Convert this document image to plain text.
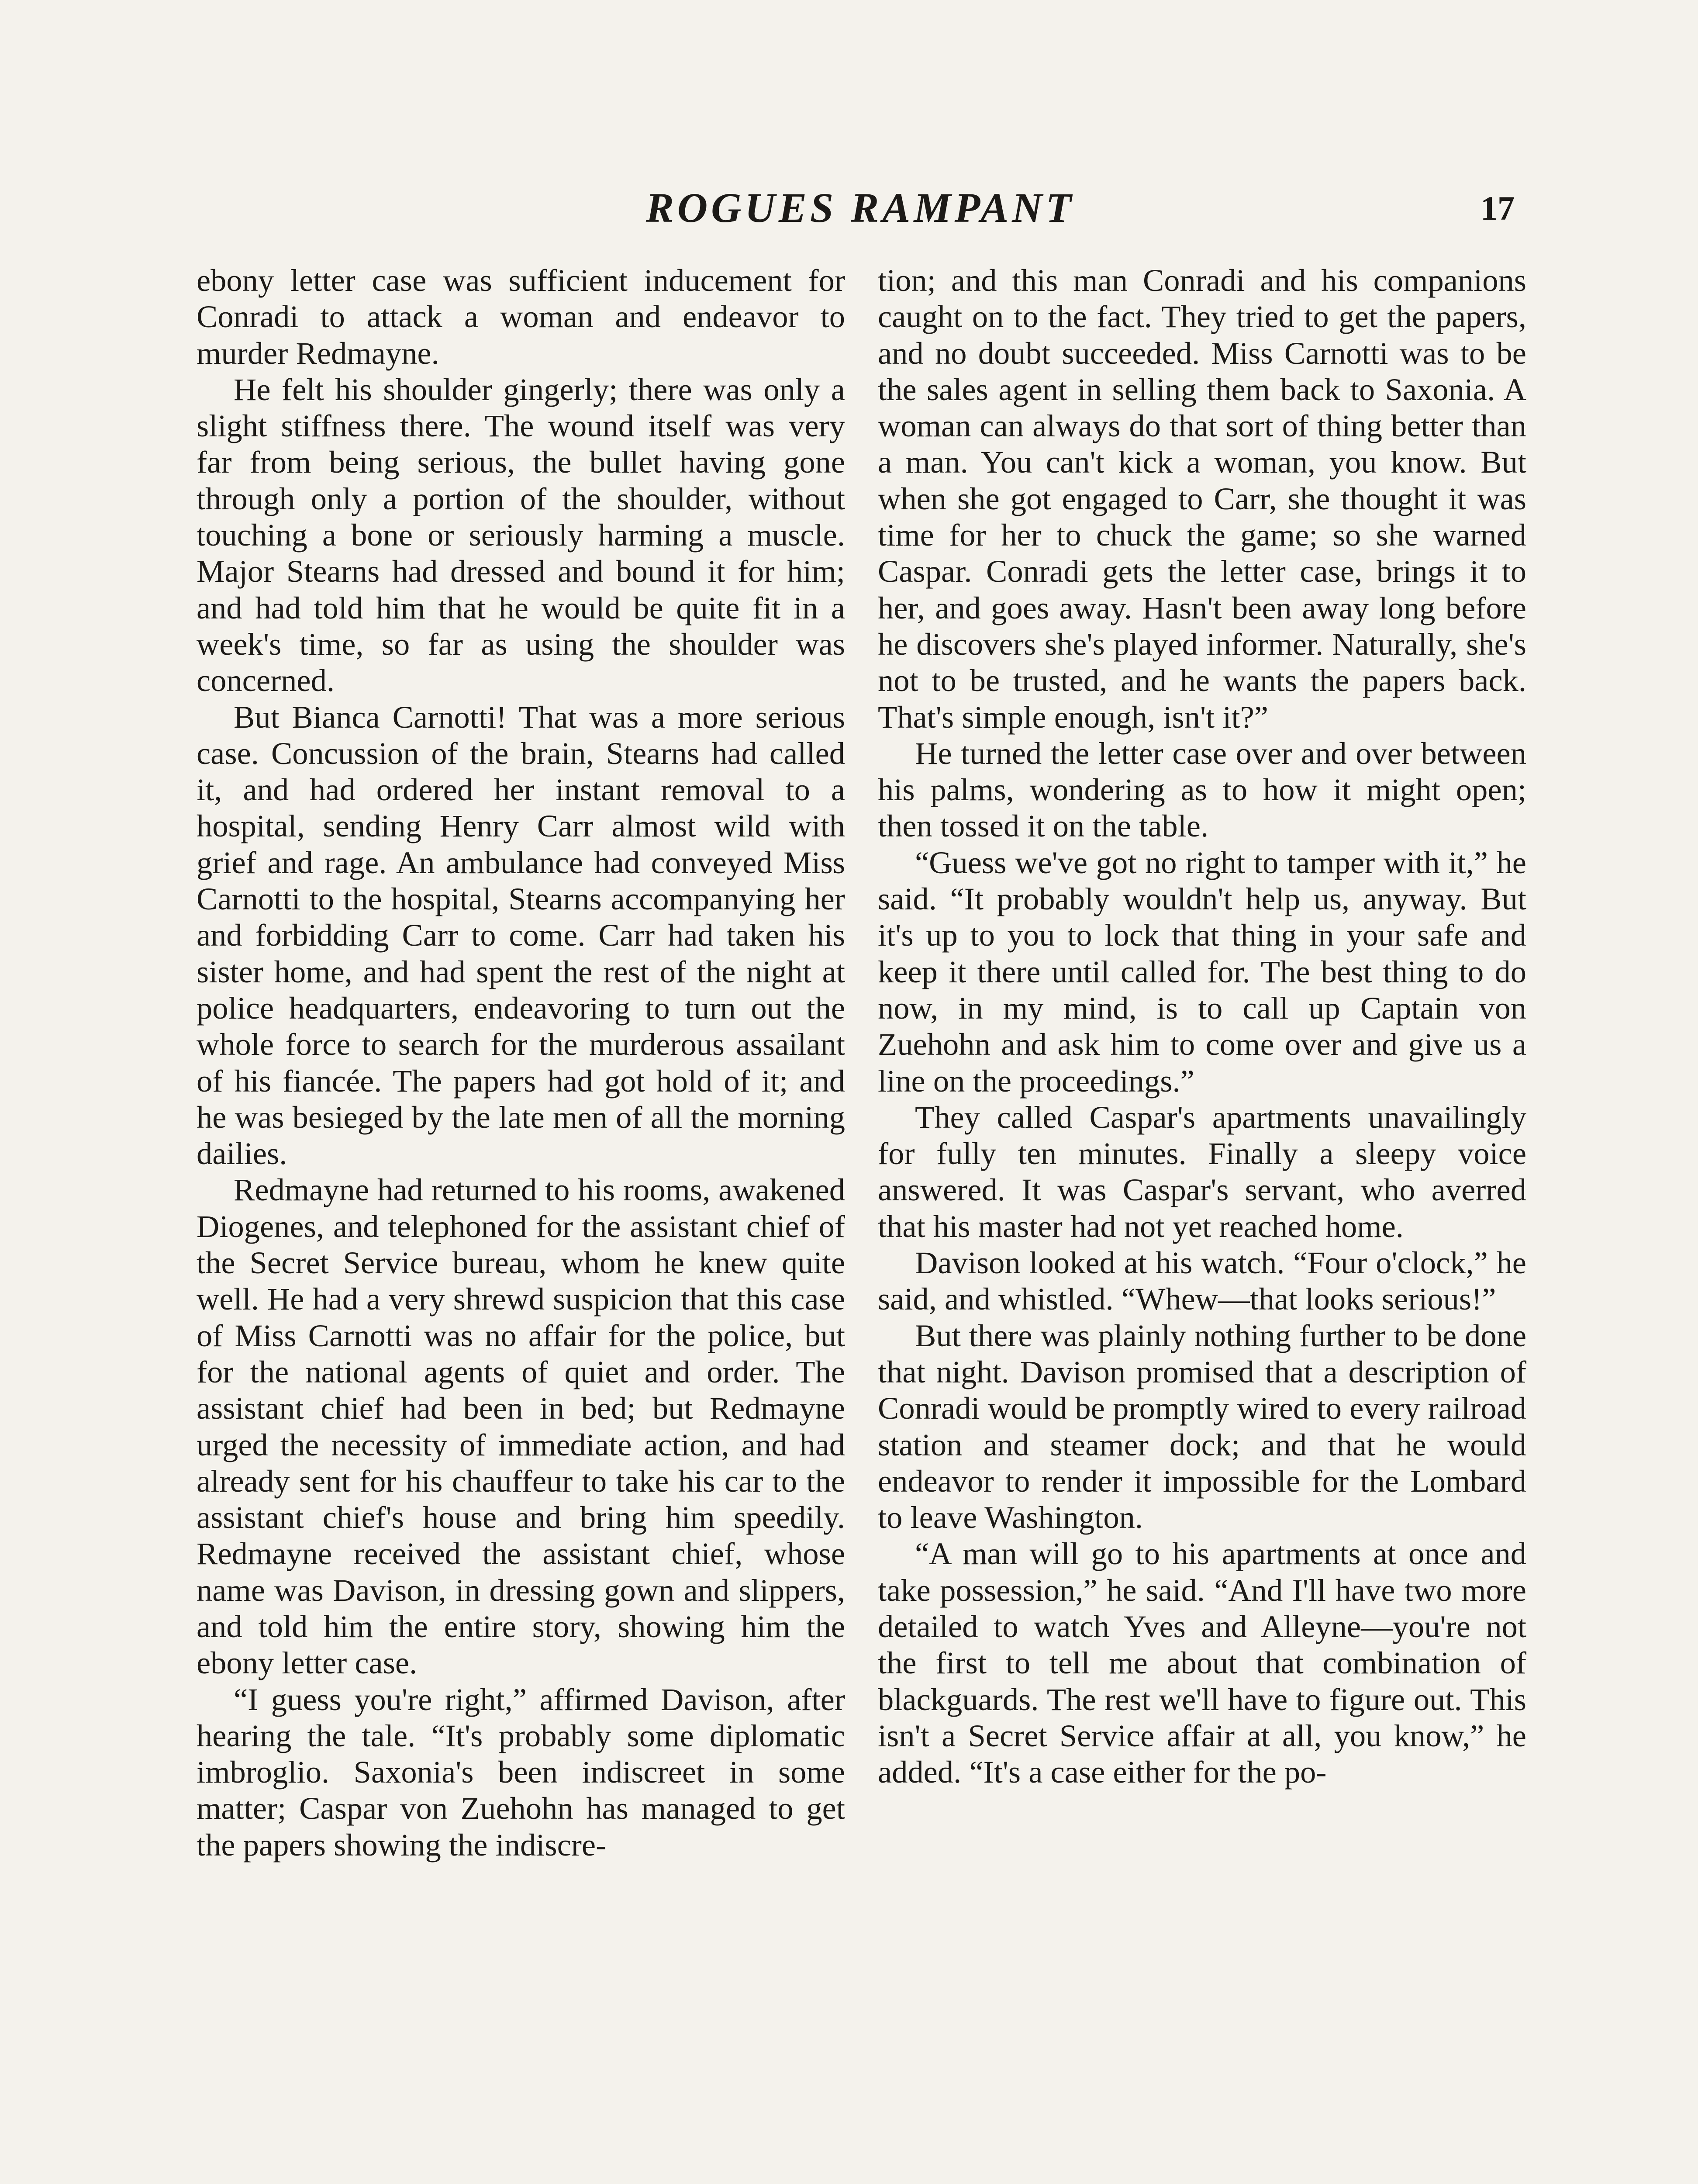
ROGUES RAMPANT	17

ebony letter case was sufficient inducement for Conradi to attack a woman and endeavor to murder Redmayne.

He felt his shoulder gingerly; there was only a slight stiffness there. The wound itself was very far from being serious, the bullet having gone through only a portion of the shoulder, without touching a bone or seriously harming a muscle. Major Stearns had dressed and bound it for him; and had told him that he would be quite fit in a week's time, so far as using the shoulder was concerned.

But Bianca Carnotti! That was a more serious case. Concussion of the brain, Stearns had called it, and had ordered her instant removal to a hospital, sending Henry Carr almost wild with grief and rage. An ambulance had conveyed Miss Carnotti to the hospital, Stearns accompanying her and forbidding Carr to come. Carr had taken his sister home, and had spent the rest of the night at police headquarters, endeavoring to turn out the whole force to search for the murderous assailant of his fiancée. The papers had got hold of it; and he was besieged by the late men of all the morning dailies.

Redmayne had returned to his rooms, awakened Diogenes, and telephoned for the assistant chief of the Secret Service bureau, whom he knew quite well. He had a very shrewd suspicion that this case of Miss Carnotti was no affair for the police, but for the national agents of quiet and order. The assistant chief had been in bed; but Redmayne urged the necessity of immediate action, and had already sent for his chauffeur to take his car to the assistant chief's house and bring him speedily. Redmayne received the assistant chief, whose name was Davison, in dressing gown and slippers, and told him the entire story, showing him the ebony letter case.

“I guess you're right,” affirmed Davison, after hearing the tale. “It's probably some diplomatic imbroglio. Saxonia's been indiscreet in some matter; Caspar von Zuehohn has managed to get the papers showing the indiscre-

tion; and this man Conradi and his companions caught on to the fact. They tried to get the papers, and no doubt succeeded. Miss Carnotti was to be the sales agent in selling them back to Saxonia. A woman can always do that sort of thing better than a man. You can't kick a woman, you know. But when she got engaged to Carr, she thought it was time for her to chuck the game; so she warned Caspar. Conradi gets the letter case, brings it to her, and goes away. Hasn't been away long before he discovers she's played informer. Naturally, she's not to be trusted, and he wants the papers back. That's simple enough, isn't it?”

He turned the letter case over and over between his palms, wondering as to how it might open; then tossed it on the table.

“Guess we've got no right to tamper with it,” he said. “It probably wouldn't help us, anyway. But it's up to you to lock that thing in your safe and keep it there until called for. The best thing to do now, in my mind, is to call up Captain von Zuehohn and ask him to come over and give us a line on the proceedings.”

They called Caspar's apartments unavailingly for fully ten minutes. Finally a sleepy voice answered. It was Caspar's servant, who averred that his master had not yet reached home.

Davison looked at his watch. “Four o'clock,” he said, and whistled. “Whew—that looks serious!”

But there was plainly nothing further to be done that night. Davison promised that a description of Conradi would be promptly wired to every railroad station and steamer dock; and that he would endeavor to render it impossible for the Lombard to leave Washington.

“A man will go to his apartments at once and take possession,” he said. “And I'll have two more detailed to watch Yves and Alleyne—you're not the first to tell me about that combination of blackguards. The rest we'll have to figure out. This isn't a Secret Service affair at all, you know,” he added. “It's a case either for the po-
